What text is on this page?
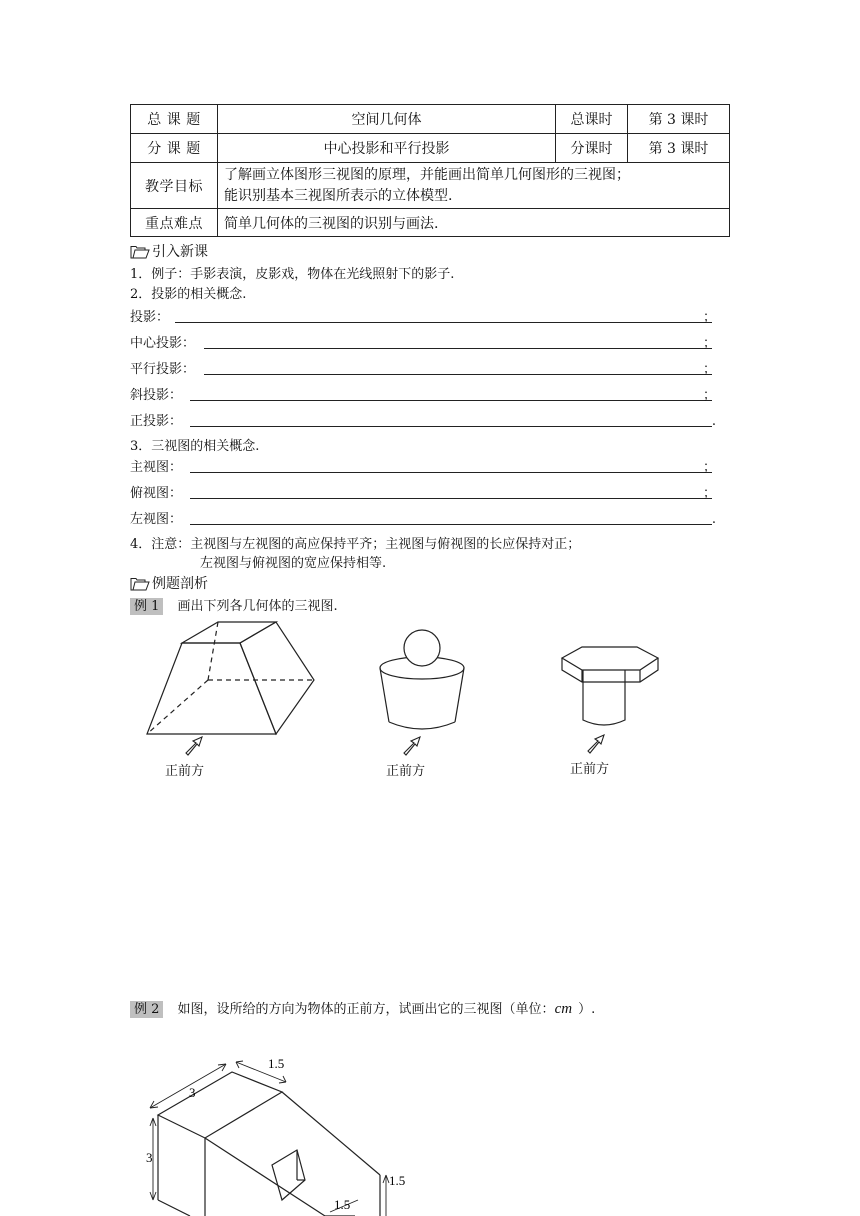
总 课 题	空间几何体	总课时	第 3 课时
分 课 题	中心投影和平行投影	分课时	第 3 课时
教学目标	了解画立体图形三视图的原理，并能画出简单几何图形的三视图；
能识别基本三视图所表示的立体模型.		

重点难点	简单几何体的三视图的识别与画法.		
引入新课
1．例子：手影表演，皮影戏，物体在光线照射下的影子.
2．投影的相关概念.
投影：	；
中心投影：	；
平行投影：	；
斜投影：	；
正投影：	.
3．三视图的相关概念.
主视图：	；
俯视图：	；
左视图：	.
4．注意：主视图与左视图的高应保持平齐；主视图与俯视图的长应保持对正；
左视图与俯视图的宽应保持相等.
例题剖析
例 1 画出下列各几何体的三视图.
正前方	正前方	正前方
例 2 如图，设所给的方向为物体的正前方，试画出它的三视图（单位：cm ）.
1.5
3
3
1.5
1.5
